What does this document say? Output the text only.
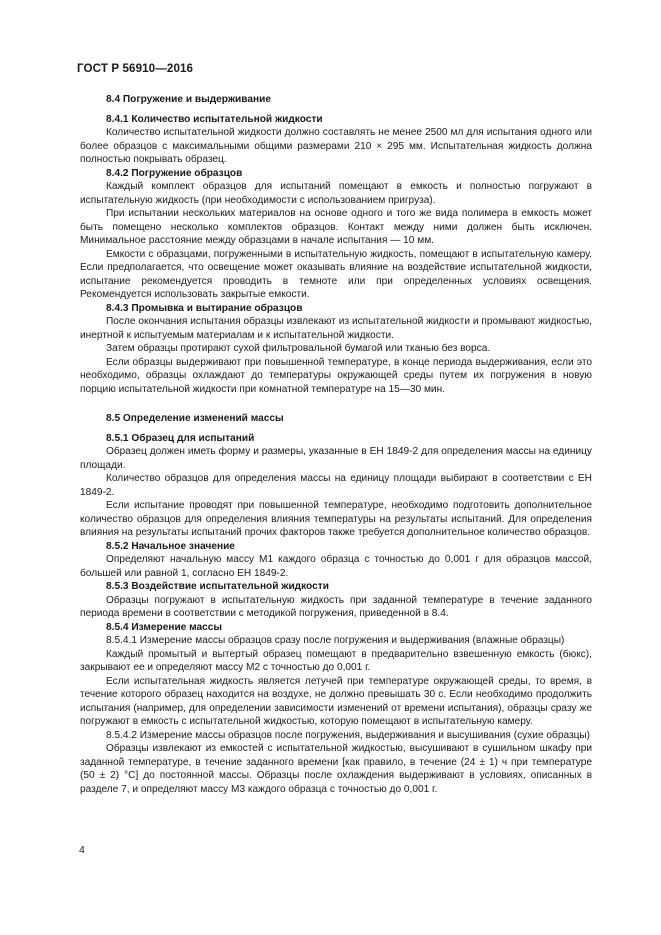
ГОСТ Р 56910—2016

8.4 Погружение и выдерживание

8.4.1 Количество испытательной жидкости

Количество испытательной жидкости должно составлять не менее 2500 мл для испытания одного или более образцов с максимальными общими размерами 210 × 295 мм. Испытательная жидкость должна полностью покрывать образец.

8.4.2 Погружение образцов

Каждый комплект образцов для испытаний помещают в емкость и полностью погружают в испытательную жидкость (при необходимости с использованием пригруза).

При испытании нескольких материалов на основе одного и того же вида полимера в емкость может быть помещено несколько комплектов образцов. Контакт между ними должен быть исключен. Минимальное расстояние между образцами в начале испытания — 10 мм.

Емкости с образцами, погруженными в испытательную жидкость, помещают в испытательную камеру. Если предполагается, что освещение может оказывать влияние на воздействие испытательной жидкости, испытание рекомендуется проводить в темноте или при определенных условиях освещения. Рекомендуется использовать закрытые емкости.

8.4.3 Промывка и вытирание образцов

После окончания испытания образцы извлекают из испытательной жидкости и промывают жидкостью, инертной к испытуемым материалам и к испытательной жидкости.

Затем образцы протирают сухой фильтровальной бумагой или тканью без ворса.

Если образцы выдерживают при повышенной температуре, в конце периода выдерживания, если это необходимо, образцы охлаждают до температуры окружающей среды путем их погружения в новую порцию испытательной жидкости при комнатной температуре на 15—30 мин.

8.5 Определение изменений массы

8.5.1 Образец для испытаний

Образец должен иметь форму и размеры, указанные в ЕН 1849-2 для определения массы на единицу площади.

Количество образцов для определения массы на единицу площади выбирают в соответствии с ЕН 1849-2.

Если испытание проводят при повышенной температуре, необходимо подготовить дополнительное количество образцов для определения влияния температуры на результаты испытаний. Для определения влияния на результаты испытаний прочих факторов также требуется дополнительное количество образцов.

8.5.2 Начальное значение

Определяют начальную массу М1 каждого образца с точностью до 0,001 г для образцов массой, большей или равной 1, согласно ЕН 1849-2.

8.5.3 Воздействие испытательной жидкости

Образцы погружают в испытательную жидкость при заданной температуре в течение заданного периода времени в соответствии с методикой погружения, приведенной в 8.4.

8.5.4 Измерение массы

8.5.4.1 Измерение массы образцов сразу после погружения и выдерживания (влажные образцы)

Каждый промытый и вытертый образец помещают в предварительно взвешенную емкость (бюкс), закрывают ее и определяют массу М2 с точностью до 0,001 г.

Если испытательная жидкость является летучей при температуре окружающей среды, то время, в течение которого образец находится на воздухе, не должно превышать 30 с. Если необходимо продолжить испытания (например, для определении зависимости изменений от времени испытания), образцы сразу же погружают в емкость с испытательной жидкостью, которую помещают в испытательную камеру.

8.5.4.2 Измерение массы образцов после погружения, выдерживания и высушивания (сухие образцы)

Образцы извлекают из емкостей с испытательной жидкостью, высушивают в сушильном шкафу при заданной температуре, в течение заданного времени [как правило, в течение (24 ± 1) ч при температуре (50 ± 2) °С] до постоянной массы. Образцы после охлаждения выдерживают в условиях, описанных в разделе 7, и определяют массу М3 каждого образца с точностью до 0,001 г.

4
